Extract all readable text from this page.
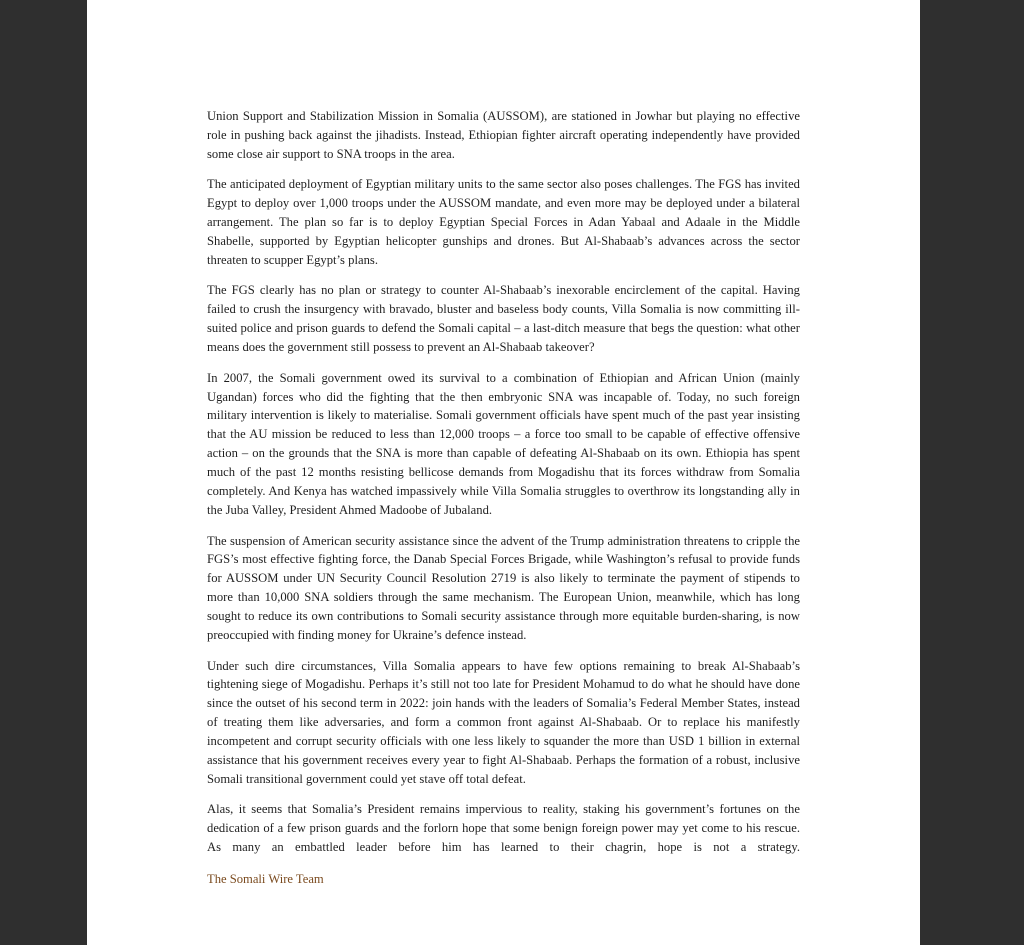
Union Support and Stabilization Mission in Somalia (AUSSOM), are stationed in Jowhar but playing no effective role in pushing back against the jihadists. Instead, Ethiopian fighter aircraft operating independently have provided some close air support to SNA troops in the area.

The anticipated deployment of Egyptian military units to the same sector also poses challenges. The FGS has invited Egypt to deploy over 1,000 troops under the AUSSOM mandate, and even more may be deployed under a bilateral arrangement. The plan so far is to deploy Egyptian Special Forces in Adan Yabaal and Adaale in the Middle Shabelle, supported by Egyptian helicopter gunships and drones. But Al-Shabaab’s advances across the sector threaten to scupper Egypt’s plans.

The FGS clearly has no plan or strategy to counter Al-Shabaab’s inexorable encirclement of the capital. Having failed to crush the insurgency with bravado, bluster and baseless body counts, Villa Somalia is now committing ill-suited police and prison guards to defend the Somali capital – a last-ditch measure that begs the question: what other means does the government still possess to prevent an Al-Shabaab takeover?

In 2007, the Somali government owed its survival to a combination of Ethiopian and African Union (mainly Ugandan) forces who did the fighting that the then embryonic SNA was incapable of. Today, no such foreign military intervention is likely to materialise. Somali government officials have spent much of the past year insisting that the AU mission be reduced to less than 12,000 troops – a force too small to be capable of effective offensive action – on the grounds that the SNA is more than capable of defeating Al-Shabaab on its own. Ethiopia has spent much of the past 12 months resisting bellicose demands from Mogadishu that its forces withdraw from Somalia completely. And Kenya has watched impassively while Villa Somalia struggles to overthrow its longstanding ally in the Juba Valley, President Ahmed Madoobe of Jubaland.

The suspension of American security assistance since the advent of the Trump administration threatens to cripple the FGS’s most effective fighting force, the Danab Special Forces Brigade, while Washington’s refusal to provide funds for AUSSOM under UN Security Council Resolution 2719 is also likely to terminate the payment of stipends to more than 10,000 SNA soldiers through the same mechanism. The European Union, meanwhile, which has long sought to reduce its own contributions to Somali security assistance through more equitable burden-sharing, is now preoccupied with finding money for Ukraine’s defence instead.

Under such dire circumstances, Villa Somalia appears to have few options remaining to break Al-Shabaab’s tightening siege of Mogadishu. Perhaps it’s still not too late for President Mohamud to do what he should have done since the outset of his second term in 2022: join hands with the leaders of Somalia’s Federal Member States, instead of treating them like adversaries, and form a common front against Al-Shabaab. Or to replace his manifestly incompetent and corrupt security officials with one less likely to squander the more than USD 1 billion in external assistance that his government receives every year to fight Al-Shabaab. Perhaps the formation of a robust, inclusive Somali transitional government could yet stave off total defeat.

Alas, it seems that Somalia’s President remains impervious to reality, staking his government’s fortunes on the dedication of a few prison guards and the forlorn hope that some benign foreign power may yet come to his rescue. As many an embattled leader before him has learned to their chagrin, hope is not a strategy.

The Somali Wire Team
